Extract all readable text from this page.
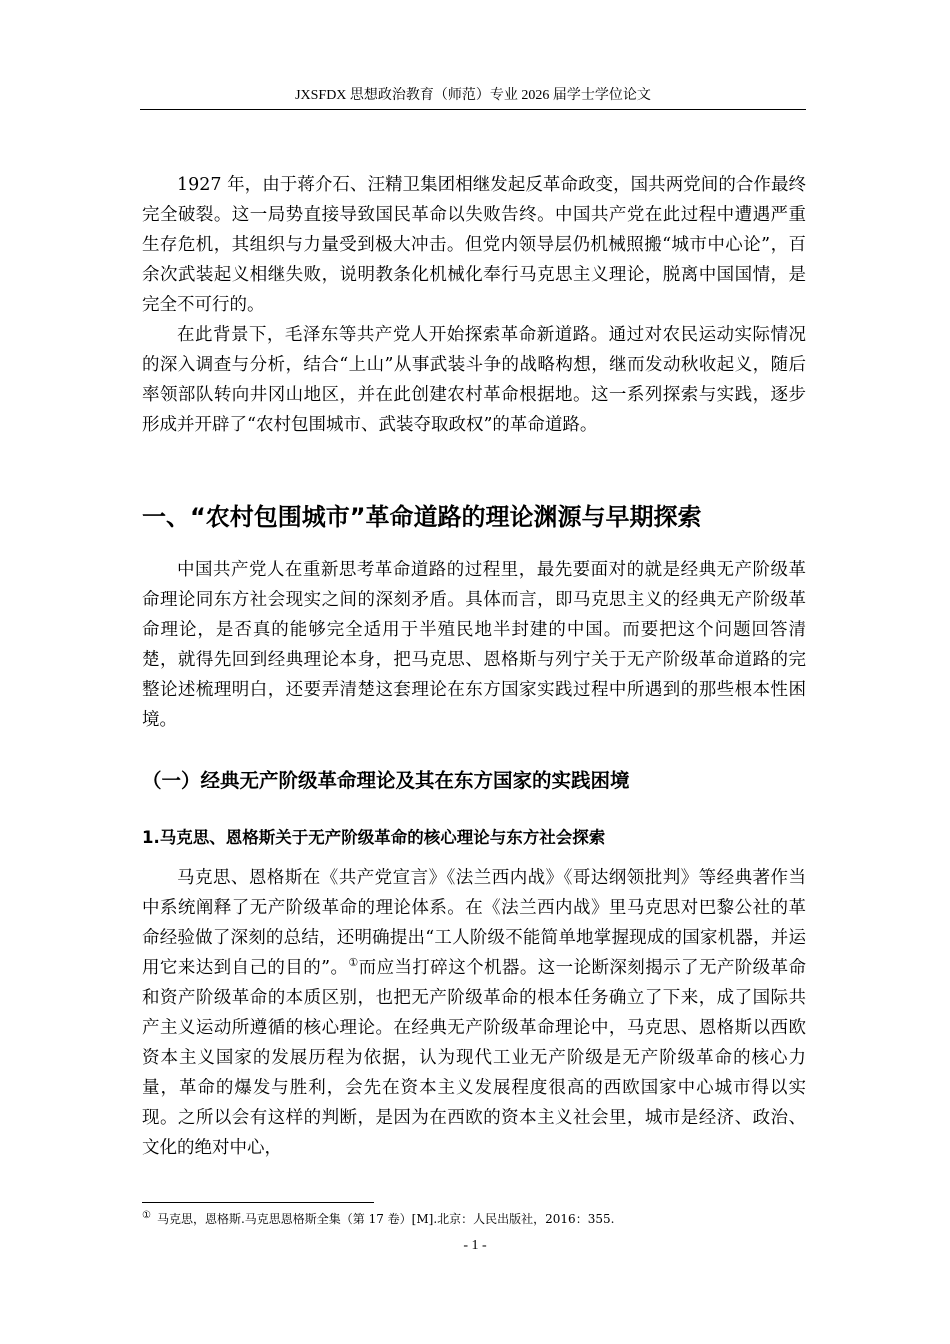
JXSFDX 思想政治教育（师范）专业 2026 届学士学位论文

1927 年，由于蒋介石、汪精卫集团相继发起反革命政变，国共两党间的合作最终完全破裂。这一局势直接导致国民革命以失败告终。中国共产党在此过程中遭遇严重生存危机，其组织与力量受到极大冲击。但党内领导层仍机械照搬“城市中心论”，百余次武装起义相继失败，说明教条化机械化奉行马克思主义理论，脱离中国国情，是完全不可行的。

在此背景下，毛泽东等共产党人开始探索革命新道路。通过对农民运动实际情况的深入调查与分析，结合“上山”从事武装斗争的战略构想，继而发动秋收起义，随后率领部队转向井冈山地区，并在此创建农村革命根据地。这一系列探索与实践，逐步形成并开辟了“农村包围城市、武装夺取政权”的革命道路。

一、“农村包围城市”革命道路的理论渊源与早期探索

中国共产党人在重新思考革命道路的过程里，最先要面对的就是经典无产阶级革命理论同东方社会现实之间的深刻矛盾。具体而言，即马克思主义的经典无产阶级革命理论，是否真的能够完全适用于半殖民地半封建的中国。而要把这个问题回答清楚，就得先回到经典理论本身，把马克思、恩格斯与列宁关于无产阶级革命道路的完整论述梳理明白，还要弄清楚这套理论在东方国家实践过程中所遇到的那些根本性困境。

（一）经典无产阶级革命理论及其在东方国家的实践困境
1.马克思、恩格斯关于无产阶级革命的核心理论与东方社会探索

马克思、恩格斯在《共产党宣言》《法兰西内战》《哥达纲领批判》等经典著作当中系统阐释了无产阶级革命的理论体系。在《法兰西内战》里马克思对巴黎公社的革命经验做了深刻的总结，还明确提出“工人阶级不能简单地掌握现成的国家机器，并运用它来达到自己的目的”。①而应当打碎这个机器。这一论断深刻揭示了无产阶级革命和资产阶级革命的本质区别，也把无产阶级革命的根本任务确立了下来，成了国际共产主义运动所遵循的核心理论。在经典无产阶级革命理论中，马克思、恩格斯以西欧资本主义国家的发展历程为依据，认为现代工业无产阶级是无产阶级革命的核心力量，革命的爆发与胜利，会先在资本主义发展程度很高的西欧国家中心城市得以实现。之所以会有这样的判断，是因为在西欧的资本主义社会里，城市是经济、政治、文化的绝对中心，

① 马克思，恩格斯.马克思恩格斯全集（第 17 卷）[M].北京：人民出版社，2016：355.
- 1 -
